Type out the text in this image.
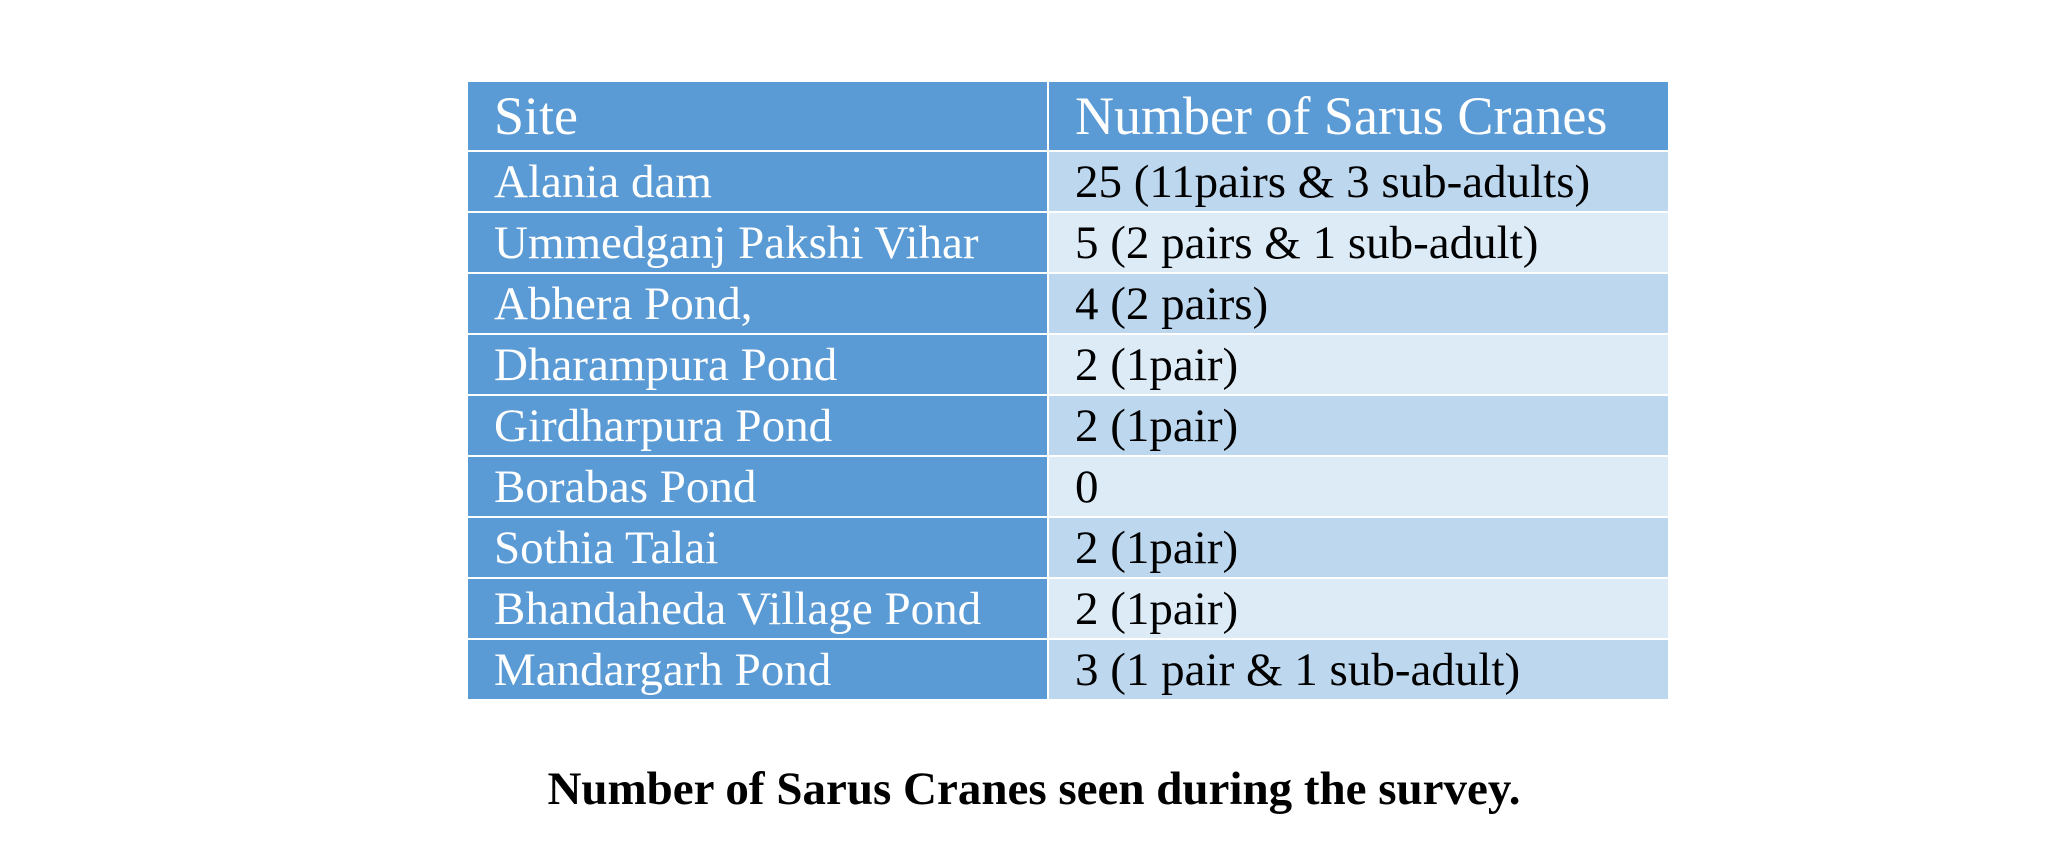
Site	Number of Sarus Cranes
Alania dam	25 (11pairs & 3 sub-adults)
Ummedganj Pakshi Vihar	5 (2 pairs & 1 sub-adult)
Abhera Pond,	4 (2 pairs)
Dharampura Pond	2 (1pair)
Girdharpura Pond	2 (1pair)
Borabas Pond	0
Sothia Talai	2 (1pair)
Bhandaheda Village Pond	2 (1pair)
Mandargarh Pond	3 (1 pair & 1 sub-adult)
Number of Sarus Cranes seen during the survey.
